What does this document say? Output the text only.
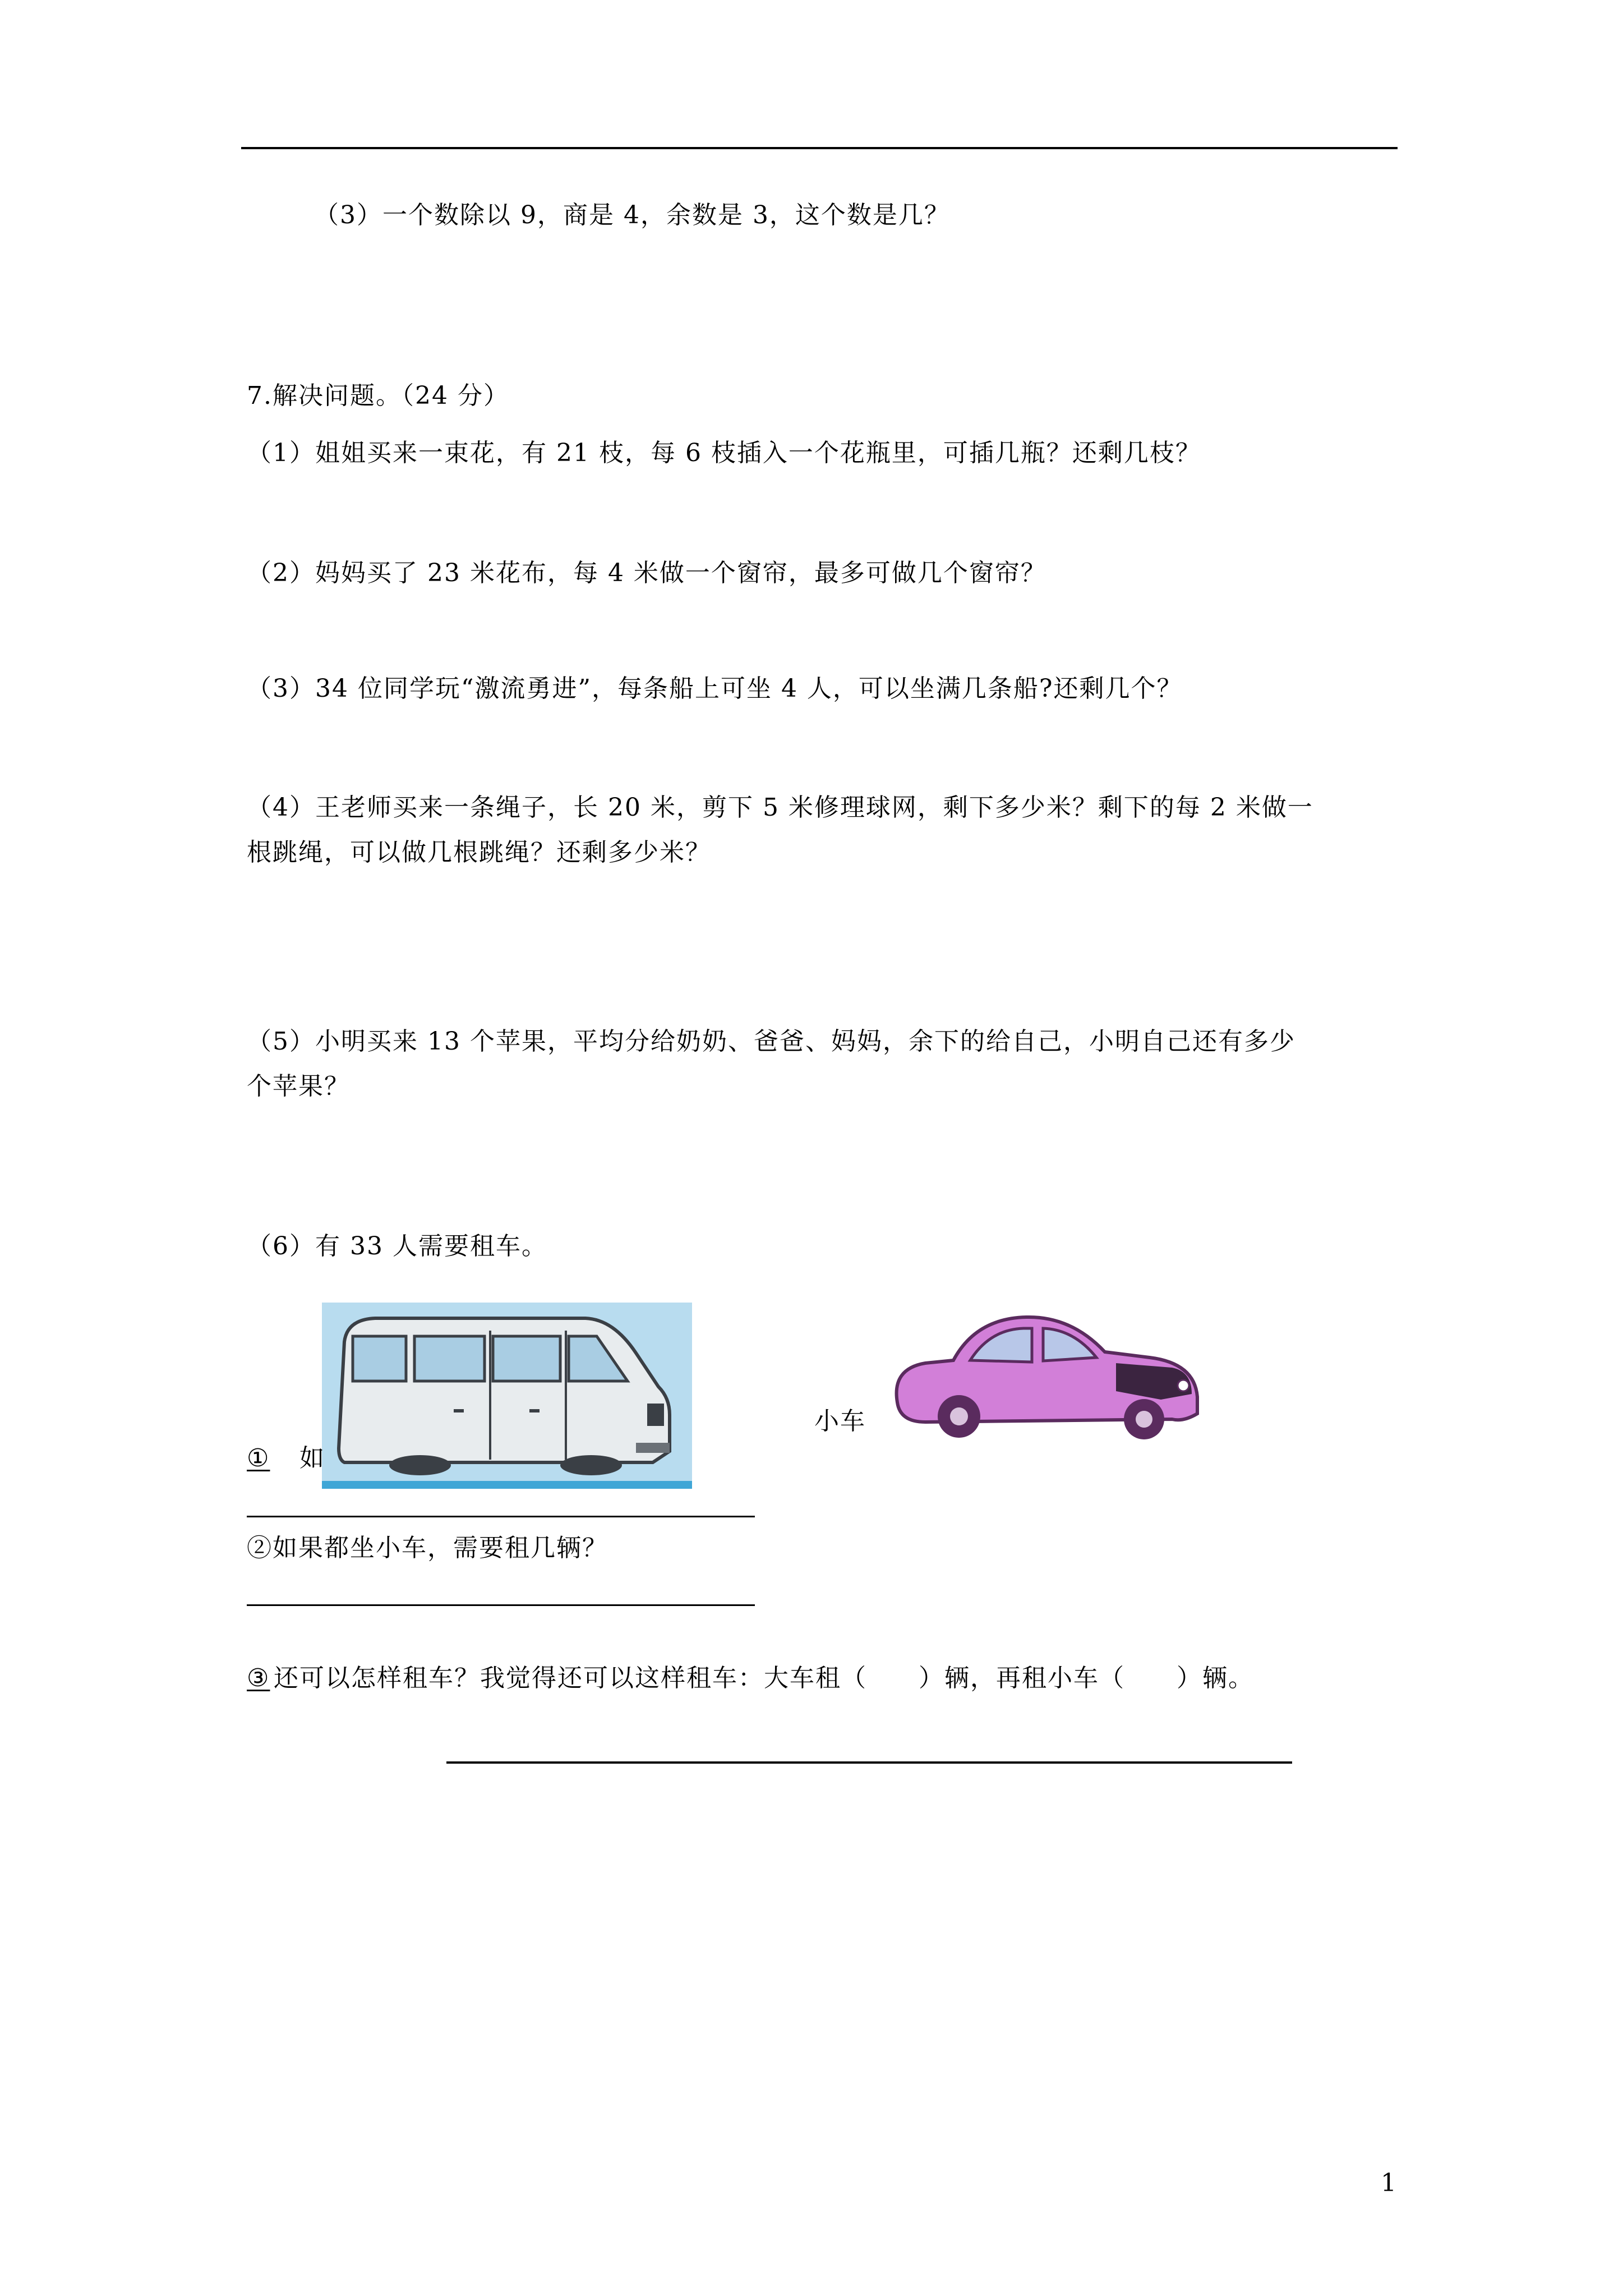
（3）一个数除以 9，商是 4，余数是 3，这个数是几？
7.解决问题。（24 分）
（1）姐姐买来一束花，有 21 枝，每 6 枝插入一个花瓶里，可插几瓶？还剩几枝？
（2）妈妈买了 23 米花布，每 4 米做一个窗帘，最多可做几个窗帘？
（3）34 位同学玩“激流勇进”，每条船上可坐 4 人，可以坐满几条船?还剩几个？
（4）王老师买来一条绳子，长 20 米，剪下 5 米修理球网，剩下多少米？剩下的每 2 米做一
根跳绳，可以做几根跳绳？还剩多少米？
（5）小明买来 13 个苹果，平均分给奶奶、爸爸、妈妈，余下的给自己，小明自己还有多少
个苹果？
（6）有 33 人需要租车。
小车
① 如
②如果都坐小车，需要租几辆？
③ 还可以怎样租车？我觉得还可以这样租车：大车租（　　）辆，再租小车（　　）辆。
1
